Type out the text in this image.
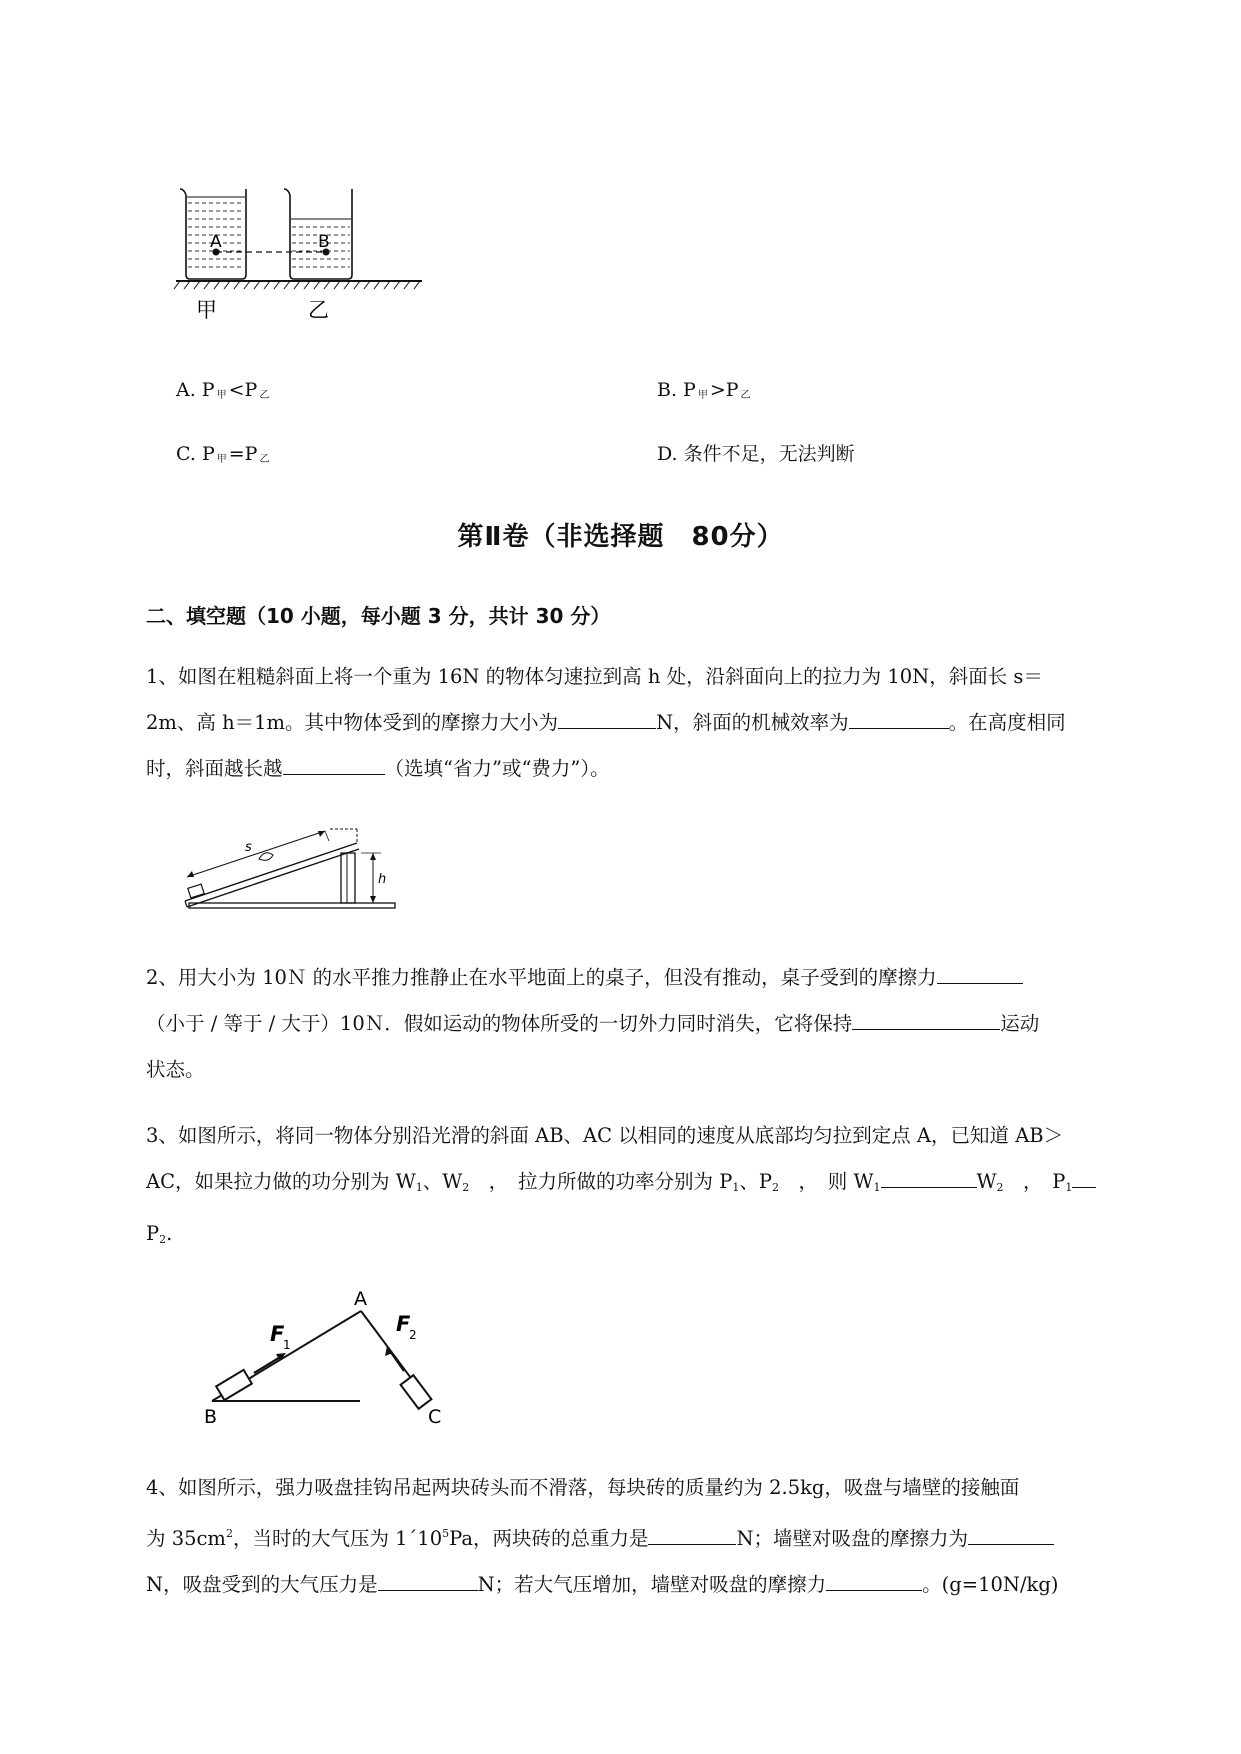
A	B
甲	乙
A. P $_甲$ <P $_乙$	B. P $_甲$ >P $_乙$
C. P $_甲$ =P $_乙$	D. 条件不足，无法判断
第Ⅱ卷（非选择题　80分）
二、填空题（10 小题，每小题 3 分，共计 30 分）
1、如图在粗糙斜面上将一个重为 16N 的物体匀速拉到高 h 处，沿斜面向上的拉力为 10N，斜面长 s＝
2m、高 h＝1m。其中物体受到的摩擦力大小为	N，斜面的机械效率为	。在高度相同
时，斜面越长越	（选填“省力”或“费力”）。
s
h
2、用大小为 10Ｎ 的水平推力推静止在水平地面上的桌子，但没有推动，桌子受到的摩擦力
（小于 / 等于 / 大于）10Ｎ．假如运动的物体所受的一切外力同时消失，它将保持	运动
状态。
3、如图所示，将同一物体分别沿光滑的斜面 AB、AC 以相同的速度从底部均匀拉到定点 A，已知道 AB＞
AC，如果拉力做的功分别为 W1、W2　，　拉力所做的功率分别为 P1、P2　，　则 W1	W2　，　P1
P2.
A
B	C
F
1
F
2
4、如图所示，强力吸盘挂钩吊起两块砖头而不滑落，每块砖的质量约为 2.5kg，吸盘与墙壁的接触面
为 $35cm^2$，当时的大气压为 $1´10^5Pa$，两块砖的总重力是	N；墙壁对吸盘的摩擦力为
N，吸盘受到的大气压力是	N；若大气压增加，墙壁对吸盘的摩擦力	。(g=10N/kg)
